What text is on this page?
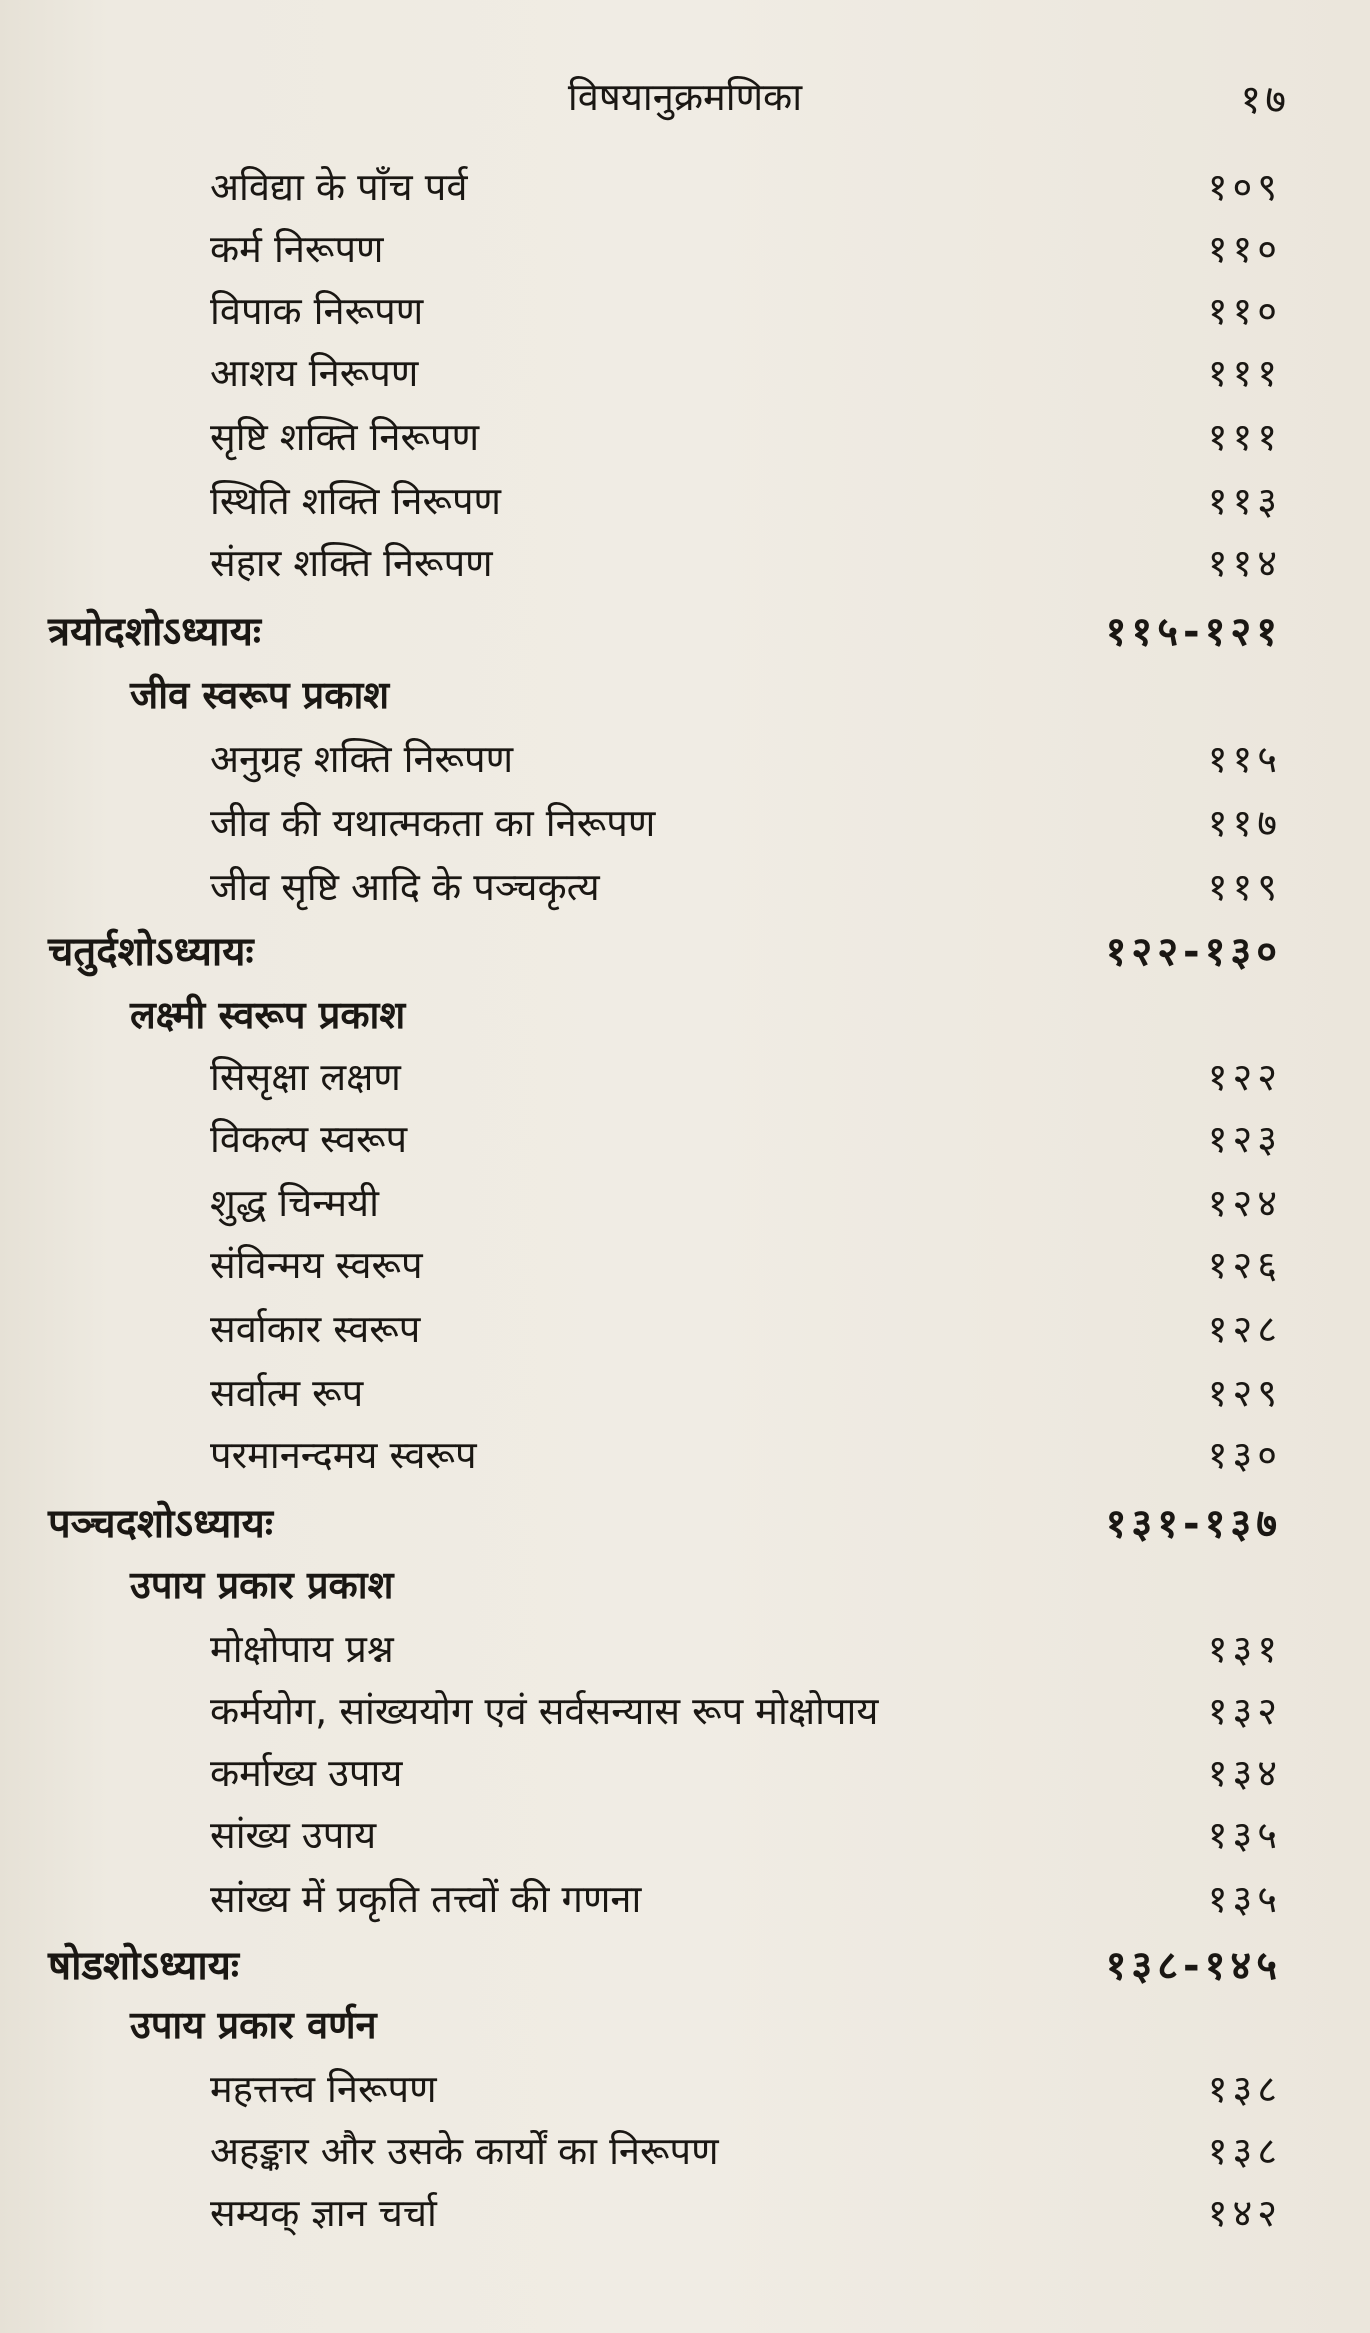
विषयानुक्रमणिका	१७
अविद्या के पाँच पर्व	१०९
कर्म निरूपण	११०
विपाक निरूपण	११०
आशय निरूपण	१११
सृष्टि शक्ति निरूपण	१११
स्थिति शक्ति निरूपण	११३
संहार शक्ति निरूपण	११४
त्रयोदशोऽध्यायः	११५-१२१
जीव स्वरूप प्रकाश
अनुग्रह शक्ति निरूपण	११५
जीव की यथात्मकता का निरूपण	११७
जीव सृष्टि आदि के पञ्चकृत्य	११९
चतुर्दशोऽध्यायः	१२२-१३०
लक्ष्मी स्वरूप प्रकाश
सिसृक्षा लक्षण	१२२
विकल्प स्वरूप	१२३
शुद्ध चिन्मयी	१२४
संविन्मय स्वरूप	१२६
सर्वाकार स्वरूप	१२८
सर्वात्म रूप	१२९
परमानन्दमय स्वरूप	१३०
पञ्चदशोऽध्यायः	१३१-१३७
उपाय प्रकार प्रकाश
मोक्षोपाय प्रश्न	१३१
कर्मयोग, सांख्ययोग एवं सर्वसन्यास रूप मोक्षोपाय	१३२
कर्माख्य उपाय	१३४
सांख्य उपाय	१३५
सांख्य में प्रकृति तत्त्वों की गणना	१३५
षोडशोऽध्यायः	१३८-१४५
उपाय प्रकार वर्णन
महत्तत्त्व निरूपण	१३८
अहङ्कार और उसके कार्यों का निरूपण	१३८
सम्यक् ज्ञान चर्चा	१४२
